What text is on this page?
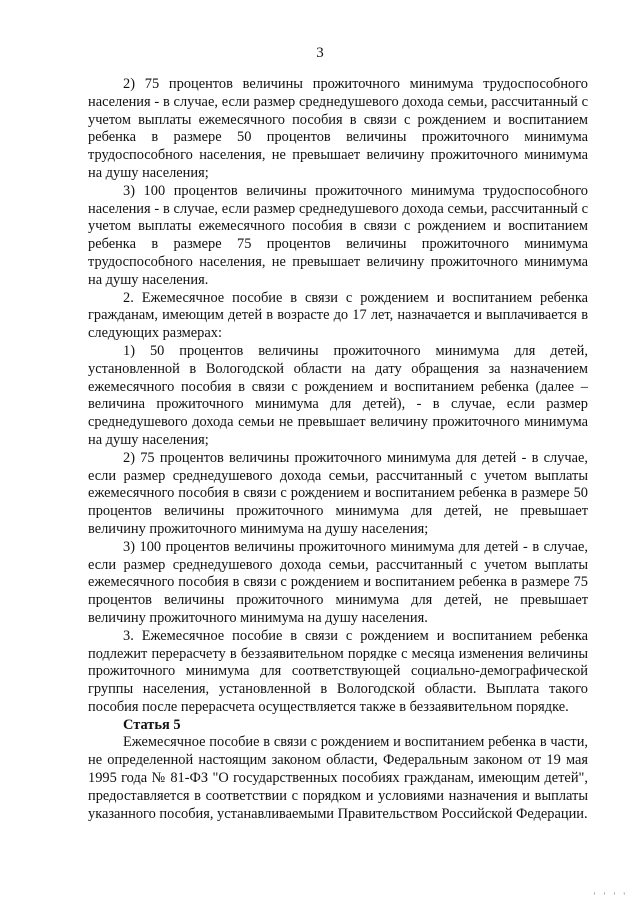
3

2) 75 процентов величины прожиточного минимума трудоспособного населения - в случае, если размер среднедушевого дохода семьи, рассчитанный с учетом выплаты ежемесячного пособия в связи с рождением и воспитанием ребенка в размере 50 процентов величины прожиточного минимума трудоспособного населения, не превышает величину прожиточного минимума на душу населения;

3) 100 процентов величины прожиточного минимума трудоспособного населения - в случае, если размер среднедушевого дохода семьи, рассчитанный с учетом выплаты ежемесячного пособия в связи с рождением и воспитанием ребенка в размере 75 процентов величины прожиточного минимума трудоспособного населения, не превышает величину прожиточного минимума на душу населения.

2. Ежемесячное пособие в связи с рождением и воспитанием ребенка гражданам, имеющим детей в возрасте до 17 лет, назначается и выплачивается в следующих размерах:

1) 50 процентов величины прожиточного минимума для детей, установленной в Вологодской области на дату обращения за назначением ежемесячного пособия в связи с рождением и воспитанием ребенка (далее – величина прожиточного минимума для детей), - в случае, если размер среднедушевого дохода семьи не превышает величину прожиточного минимума на душу населения;

2) 75 процентов величины прожиточного минимума для детей - в случае, если размер среднедушевого дохода семьи, рассчитанный с учетом выплаты ежемесячного пособия в связи с рождением и воспитанием ребенка в размере 50 процентов величины прожиточного минимума для детей, не превышает величину прожиточного минимума на душу населения;

3) 100 процентов величины прожиточного минимума для детей - в случае, если размер среднедушевого дохода семьи, рассчитанный с учетом выплаты ежемесячного пособия в связи с рождением и воспитанием ребенка в размере 75 процентов величины прожиточного минимума для детей, не превышает величину прожиточного минимума на душу населения.

3. Ежемесячное пособие в связи с рождением и воспитанием ребенка подлежит перерасчету в беззаявительном порядке с месяца изменения величины прожиточного минимума для соответствующей социально-демографической группы населения, установленной в Вологодской области. Выплата такого пособия после перерасчета осуществляется также в беззаявительном порядке.

Статья 5

Ежемесячное пособие в связи с рождением и воспитанием ребенка в части, не определенной настоящим законом области, Федеральным законом от 19 мая 1995 года № 81-ФЗ "О государственных пособиях гражданам, имеющим детей", предоставляется в соответствии с порядком и условиями назначения и выплаты указанного пособия, устанавливаемыми Правительством Российской Федерации.

' ' ' '
